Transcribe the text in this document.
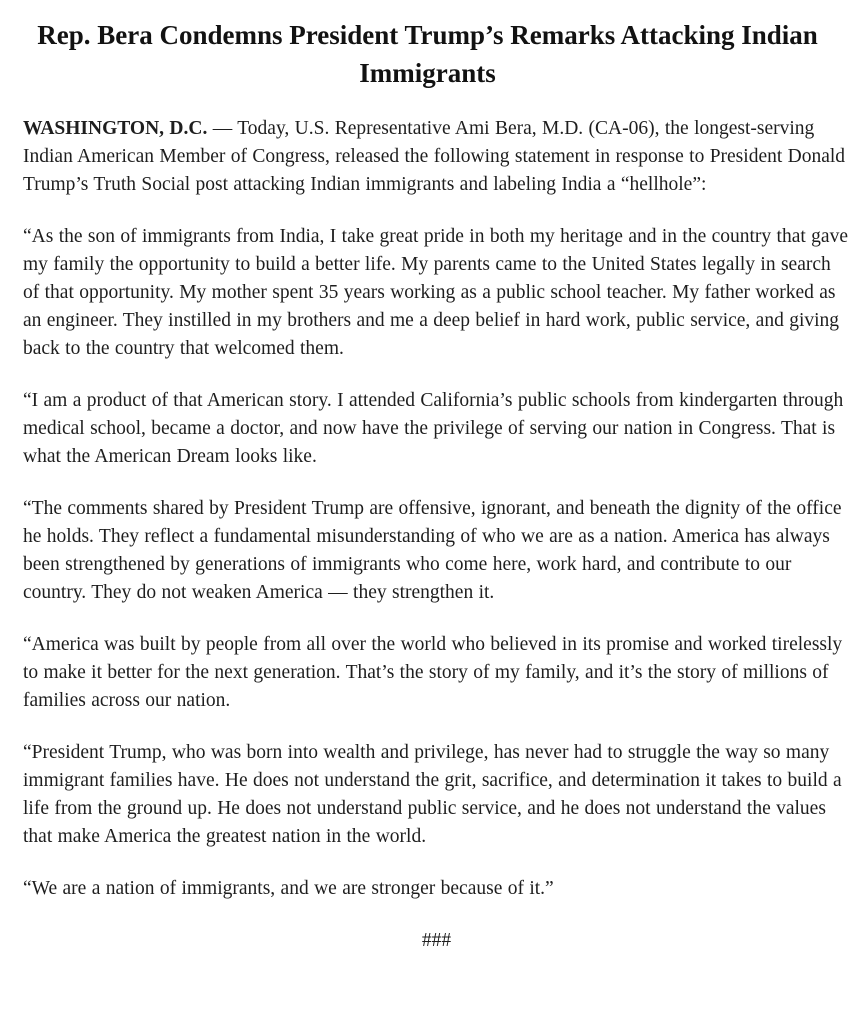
Rep. Bera Condemns President Trump’s Remarks Attacking Indian Immigrants

WASHINGTON, D.C. — Today, U.S. Representative Ami Bera, M.D. (CA-06), the longest-serving Indian American Member of Congress, released the following statement in response to President Donald Trump’s Truth Social post attacking Indian immigrants and labeling India a “hellhole”:

“As the son of immigrants from India, I take great pride in both my heritage and in the country that gave my family the opportunity to build a better life. My parents came to the United States legally in search of that opportunity. My mother spent 35 years working as a public school teacher. My father worked as an engineer. They instilled in my brothers and me a deep belief in hard work, public service, and giving back to the country that welcomed them.

“I am a product of that American story. I attended California’s public schools from kindergarten through medical school, became a doctor, and now have the privilege of serving our nation in Congress. That is what the American Dream looks like.

“The comments shared by President Trump are offensive, ignorant, and beneath the dignity of the office he holds. They reflect a fundamental misunderstanding of who we are as a nation. America has always been strengthened by generations of immigrants who come here, work hard, and contribute to our country. They do not weaken America — they strengthen it.

“America was built by people from all over the world who believed in its promise and worked tirelessly to make it better for the next generation. That’s the story of my family, and it’s the story of millions of families across our nation.

“President Trump, who was born into wealth and privilege, has never had to struggle the way so many immigrant families have. He does not understand the grit, sacrifice, and determination it takes to build a life from the ground up. He does not understand public service, and he does not understand the values that make America the greatest nation in the world.

“We are a nation of immigrants, and we are stronger because of it.”

###
